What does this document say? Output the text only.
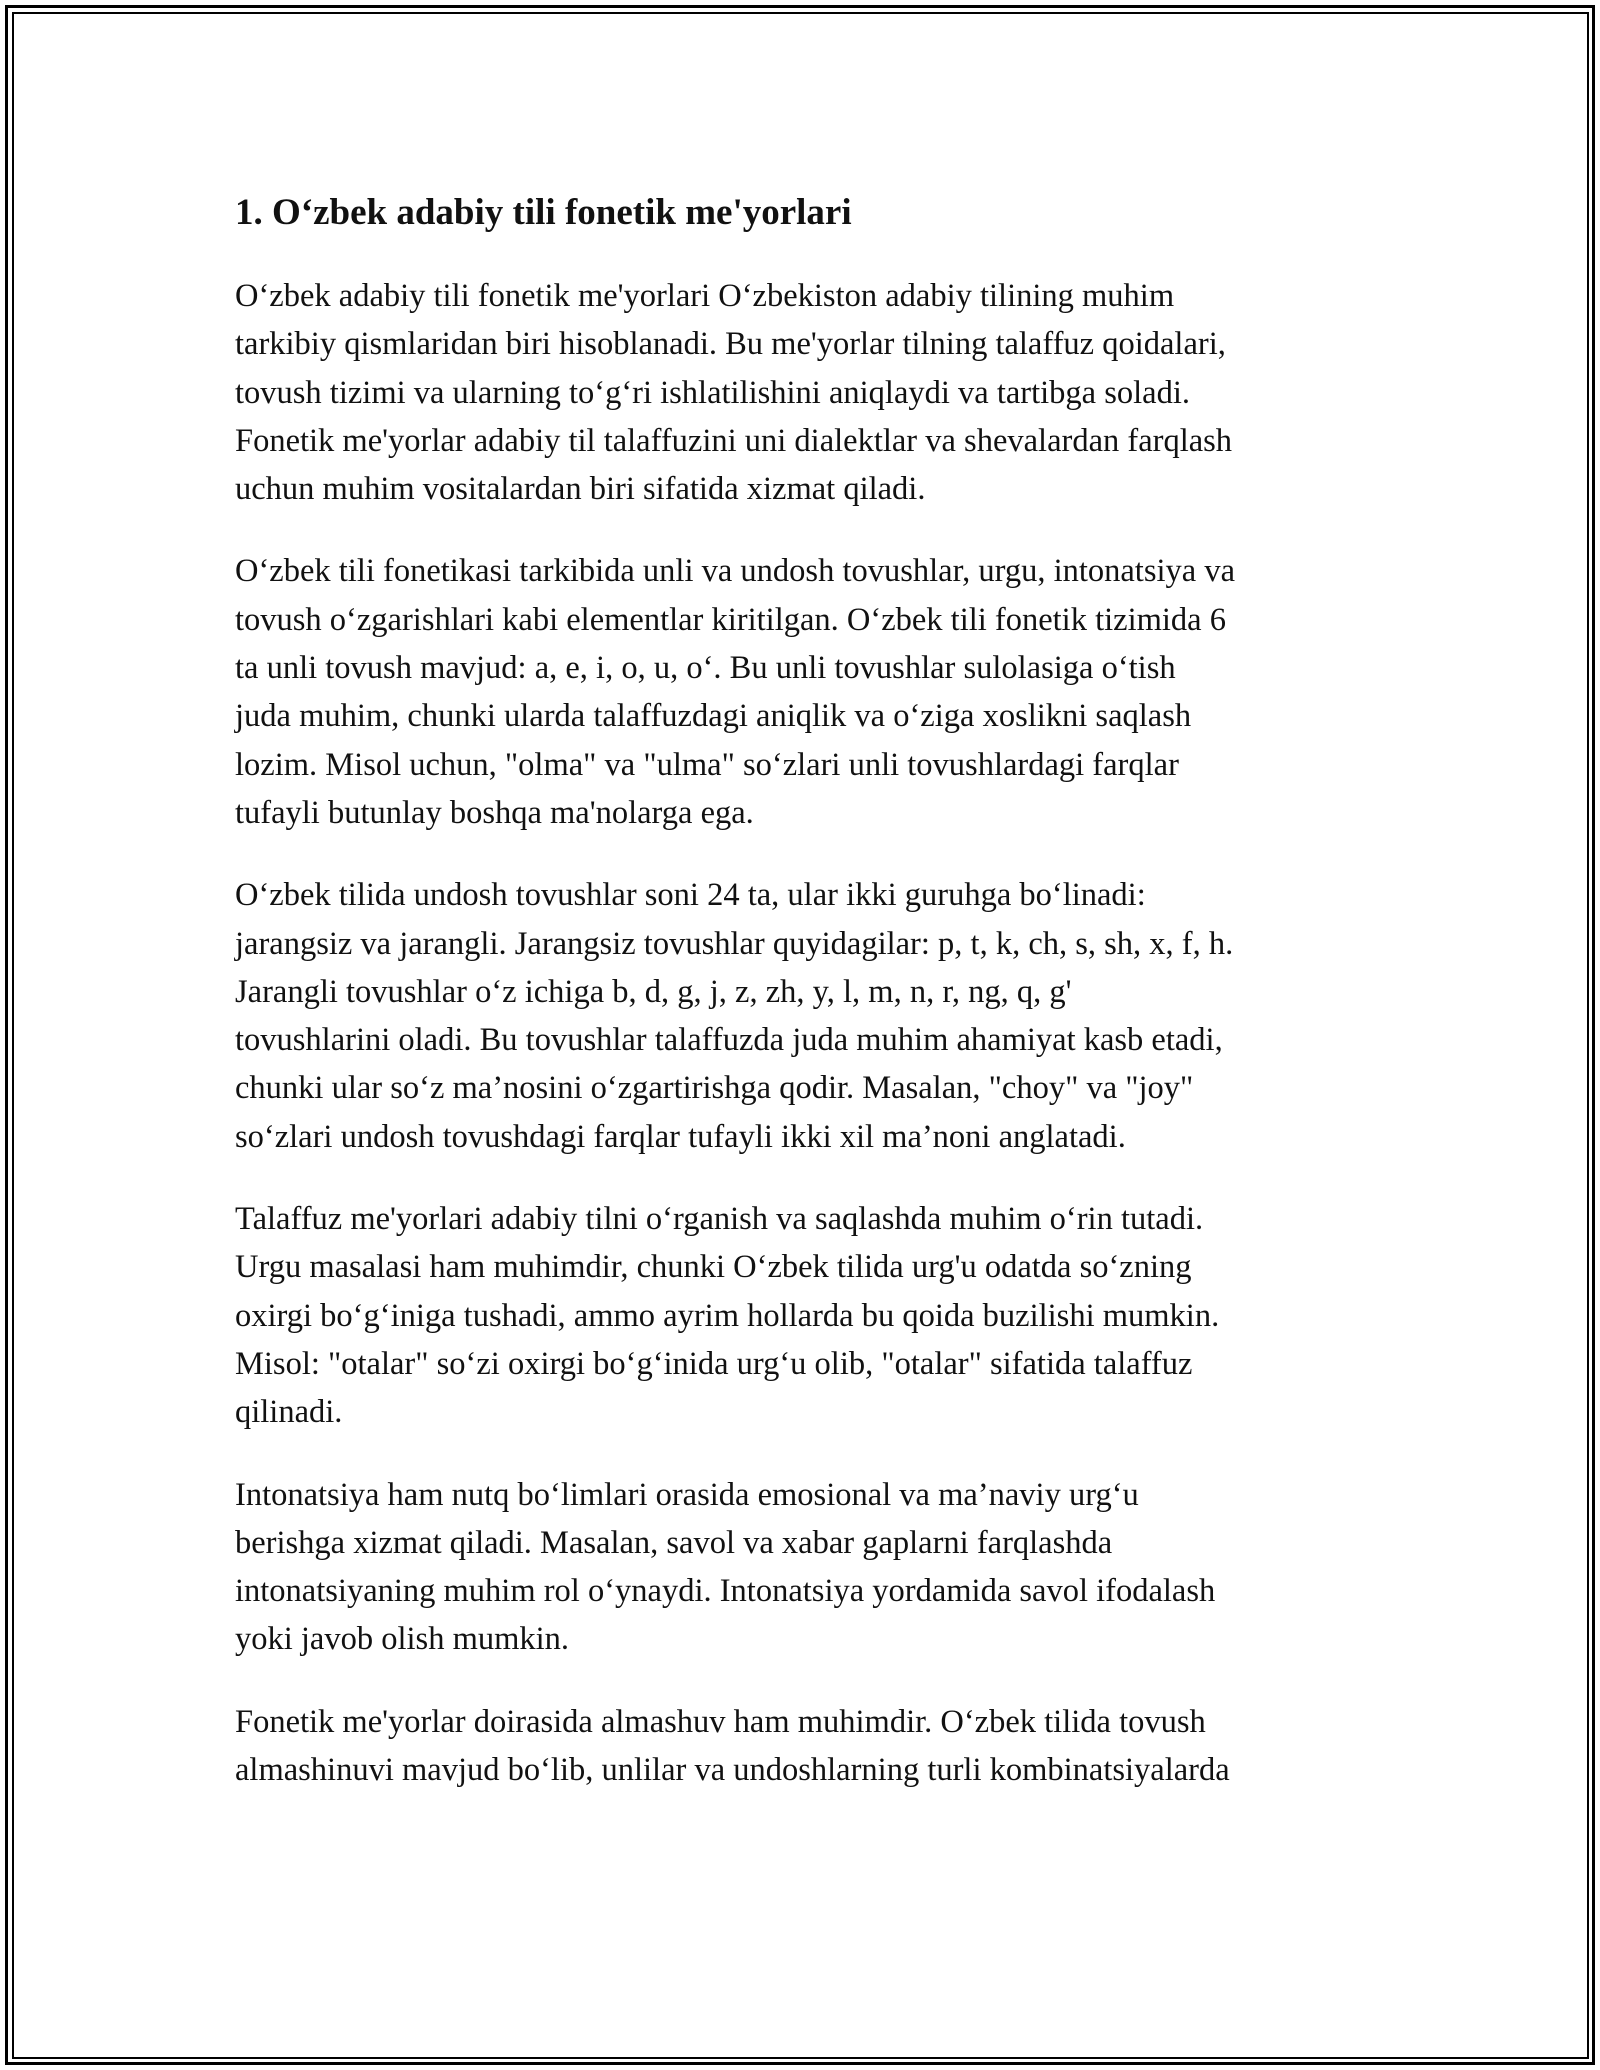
1. O‘zbek adabiy tili fonetik me'yorlari

O‘zbek adabiy tili fonetik me'yorlari O‘zbekiston adabiy tilining muhim
tarkibiy qismlaridan biri hisoblanadi. Bu me'yorlar tilning talaffuz qoidalari,
tovush tizimi va ularning to‘g‘ri ishlatilishini aniqlaydi va tartibga soladi.
Fonetik me'yorlar adabiy til talaffuzini uni dialektlar va shevalardan farqlash
uchun muhim vositalardan biri sifatida xizmat qiladi.

O‘zbek tili fonetikasi tarkibida unli va undosh tovushlar, urgu, intonatsiya va
tovush o‘zgarishlari kabi elementlar kiritilgan. O‘zbek tili fonetik tizimida 6
ta unli tovush mavjud: a, e, i, o, u, o‘. Bu unli tovushlar sulolasiga o‘tish
juda muhim, chunki ularda talaffuzdagi aniqlik va o‘ziga xoslikni saqlash
lozim. Misol uchun, "olma" va "ulma" so‘zlari unli tovushlardagi farqlar
tufayli butunlay boshqa ma'nolarga ega.

O‘zbek tilida undosh tovushlar soni 24 ta, ular ikki guruhga bo‘linadi:
jarangsiz va jarangli. Jarangsiz tovushlar quyidagilar: p, t, k, ch, s, sh, x, f, h.
Jarangli tovushlar o‘z ichiga b, d, g, j, z, zh, y, l, m, n, r, ng, q, g'
tovushlarini oladi. Bu tovushlar talaffuzda juda muhim ahamiyat kasb etadi,
chunki ular so‘z ma’nosini o‘zgartirishga qodir. Masalan, "choy" va "joy"
so‘zlari undosh tovushdagi farqlar tufayli ikki xil ma’noni anglatadi.

Talaffuz me'yorlari adabiy tilni o‘rganish va saqlashda muhim o‘rin tutadi.
Urgu masalasi ham muhimdir, chunki O‘zbek tilida urg'u odatda so‘zning
oxirgi bo‘g‘iniga tushadi, ammo ayrim hollarda bu qoida buzilishi mumkin.
Misol: "otalar" so‘zi oxirgi bo‘g‘inida urg‘u olib, "otalar" sifatida talaffuz
qilinadi.

Intonatsiya ham nutq bo‘limlari orasida emosional va ma’naviy urg‘u
berishga xizmat qiladi. Masalan, savol va xabar gaplarni farqlashda
intonatsiyaning muhim rol o‘ynaydi. Intonatsiya yordamida savol ifodalash
yoki javob olish mumkin.

Fonetik me'yorlar doirasida almashuv ham muhimdir. O‘zbek tilida tovush
almashinuvi mavjud bo‘lib, unlilar va undoshlarning turli kombinatsiyalarda
